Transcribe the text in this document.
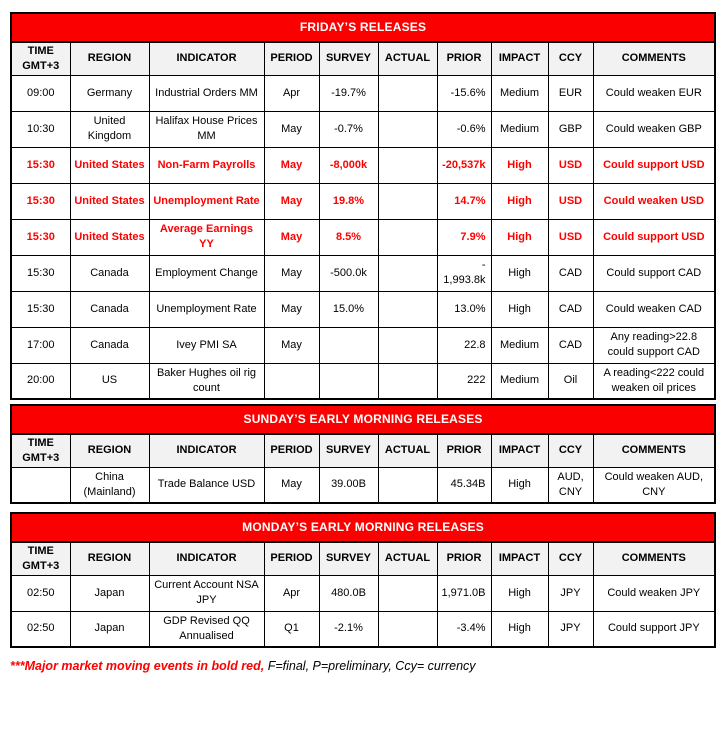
FRIDAY’S RELEASES									
TIME GMT+3	REGION	INDICATOR	PERIOD	SURVEY	ACTUAL	PRIOR	IMPACT	CCY	COMMENTS
09:00	Germany	Industrial Orders MM	Apr	-19.7%		-15.6%	Medium	EUR	Could weaken EUR
10:30	United Kingdom	Halifax House Prices MM	May	-0.7%		-0.6%	Medium	GBP	Could weaken GBP
15:30	United States	Non-Farm Payrolls	May	-8,000k		-20,537k	High	USD	Could support USD
15:30	United States	Unemployment Rate	May	19.8%		14.7%	High	USD	Could weaken USD
15:30	United States	Average Earnings YY	May	8.5%		7.9%	High	USD	Could support USD
15:30	Canada	Employment Change	May	-500.0k		- 1,993.8k	High	CAD	Could support CAD
15:30	Canada	Unemployment Rate	May	15.0%		13.0%	High	CAD	Could weaken CAD
17:00	Canada	Ivey PMI SA	May			22.8	Medium	CAD	Any reading>22.8 could support CAD
20:00	US	Baker Hughes oil rig count				222	Medium	Oil	A reading<222 could weaken oil prices
SUNDAY’S EARLY MORNING RELEASES									
TIME GMT+3	REGION	INDICATOR	PERIOD	SURVEY	ACTUAL	PRIOR	IMPACT	CCY	COMMENTS
	China (Mainland)	Trade Balance USD	May	39.00B		45.34B	High	AUD, CNY	Could weaken AUD, CNY
MONDAY’S EARLY MORNING RELEASES									
TIME GMT+3	REGION	INDICATOR	PERIOD	SURVEY	ACTUAL	PRIOR	IMPACT	CCY	COMMENTS
02:50	Japan	Current Account NSA JPY	Apr	480.0B		1,971.0B	High	JPY	Could weaken JPY
02:50	Japan	GDP Revised QQ Annualised	Q1	-2.1%		-3.4%	High	JPY	Could support JPY
***Major market moving events in bold red, F=final, P=preliminary, Ccy= currency
